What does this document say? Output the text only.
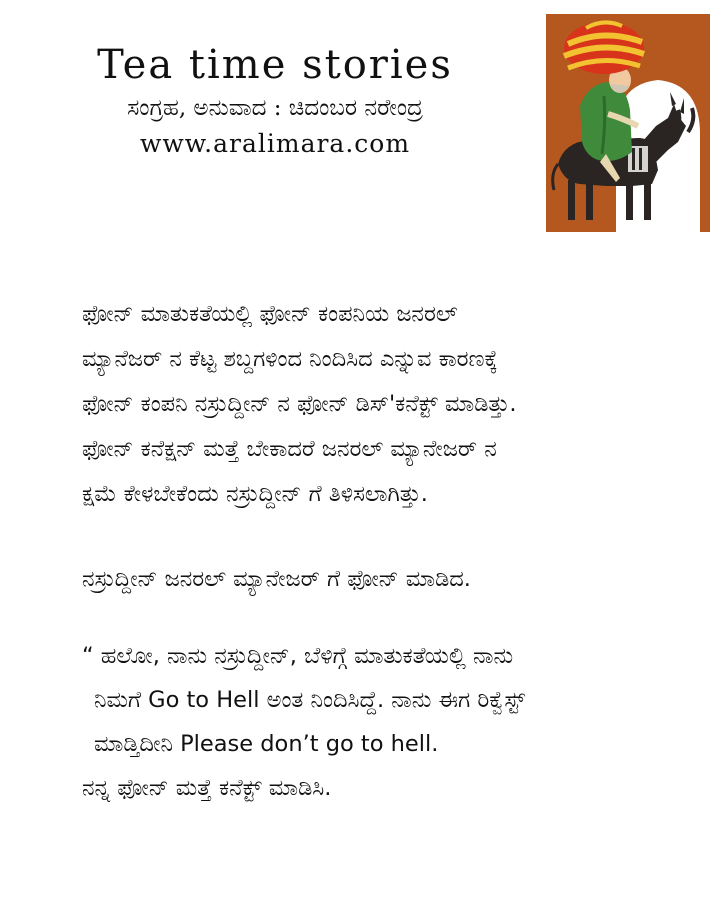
Tea time stories
ಸಂಗ್ರಹ, ಅನುವಾದ : ಚಿದಂಬರ ನರೇಂದ್ರ
www.aralimara.com

ಫೋನ್ ಮಾತುಕತೆಯಲ್ಲಿ ಫೋನ್ ಕಂಪನಿಯ ಜನರಲ್

ಮ್ಯಾನೆಜರ್ ನ ಕೆಟ್ಟ ಶಬ್ದಗಳಿಂದ ನಿಂದಿಸಿದ ಎನ್ನುವ ಕಾರಣಕ್ಕೆ

ಫೋನ್ ಕಂಪನಿ ನಸ್ರುದ್ದೀನ್ ನ ಫೋನ್ ಡಿಸ್'ಕನೆಕ್ಟ್ ಮಾಡಿತ್ತು.

ಫೋನ್ ಕನೆಕ್ಷನ್ ಮತ್ತೆ ಬೇಕಾದರೆ ಜನರಲ್ ಮ್ಯಾನೇಜರ್ ನ

ಕ್ಷಮೆ ಕೇಳಬೇಕೆಂದು ನಸ್ರುದ್ದೀನ್ ಗೆ ತಿಳಿಸಲಾಗಿತ್ತು.

ನಸ್ರುದ್ದೀನ್ ಜನರಲ್ ಮ್ಯಾನೇಜರ್ ಗೆ ಫೋನ್ ಮಾಡಿದ.

“ ಹಲೋ, ನಾನು ನಸ್ರುದ್ದೀನ್, ಬೆಳಿಗ್ಗೆ ಮಾತುಕತೆಯಲ್ಲಿ ನಾನು

ನಿಮಗೆ Go to Hell ಅಂತ ನಿಂದಿಸಿದ್ದೆ. ನಾನು ಈಗ ರಿಕ್ವೆಸ್ಟ್

ಮಾಡ್ತಿದೀನಿ Please don’t go to hell.

ನನ್ನ ಫೋನ್ ಮತ್ತೆ ಕನೆಕ್ಟ್ ಮಾಡಿಸಿ.
